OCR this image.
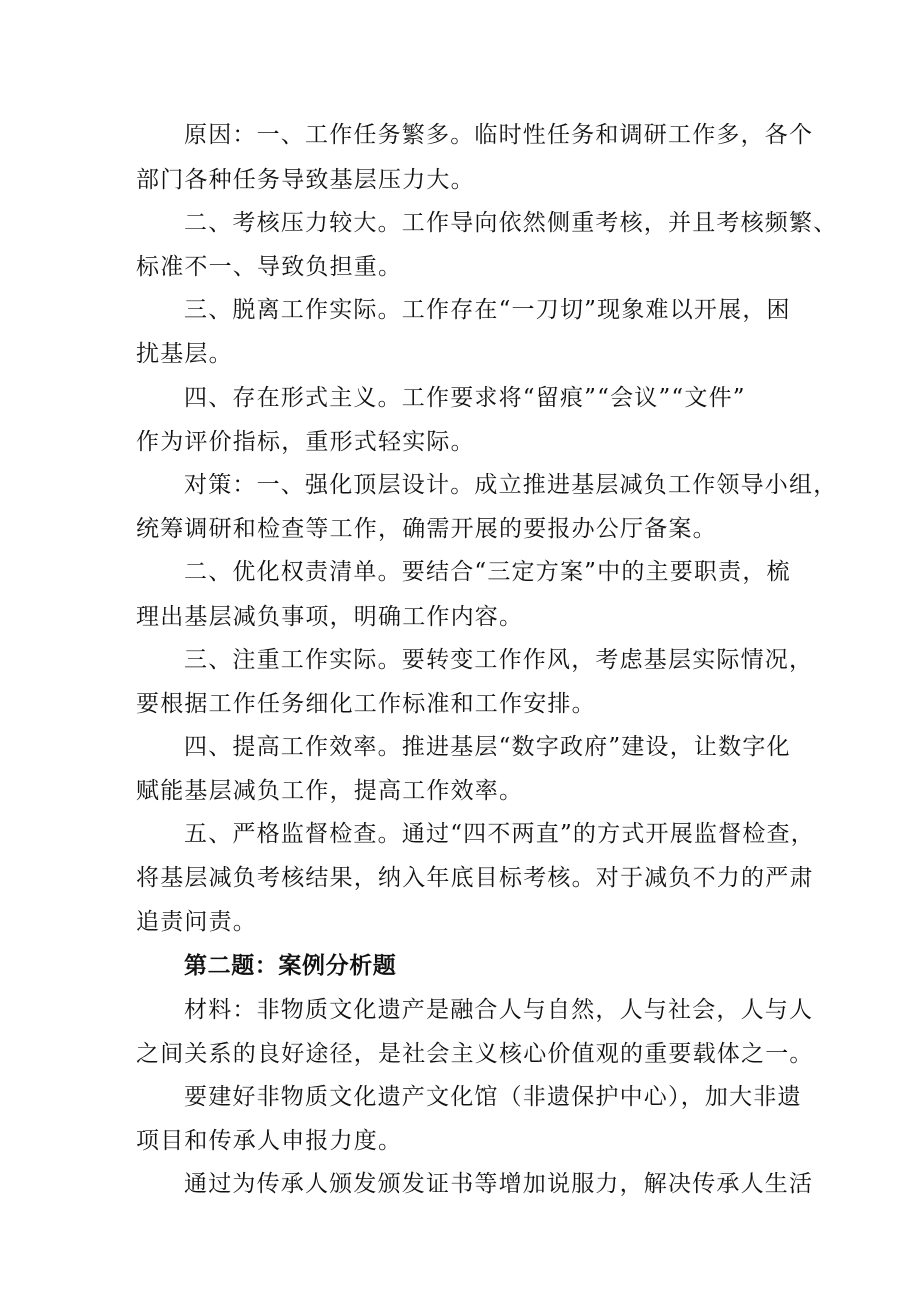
原因：一、工作任务繁多。临时性任务和调研工作多，各个
部门各种任务导致基层压力大。
二、考核压力较大。工作导向依然侧重考核，并且考核频繁、
标准不一、导致负担重。
三、脱离工作实际。工作存在“一刀切”现象难以开展，困
扰基层。
四、存在形式主义。工作要求将“留痕”“会议”“文件”
作为评价指标，重形式轻实际。
对策：一、强化顶层设计。成立推进基层减负工作领导小组，
统筹调研和检查等工作，确需开展的要报办公厅备案。
二、优化权责清单。要结合“三定方案”中的主要职责，梳
理出基层减负事项，明确工作内容。
三、注重工作实际。要转变工作作风，考虑基层实际情况，
要根据工作任务细化工作标准和工作安排。
四、提高工作效率。推进基层“数字政府”建设，让数字化
赋能基层减负工作，提高工作效率。
五、严格监督检查。通过“四不两直”的方式开展监督检查，
将基层减负考核结果，纳入年底目标考核。对于减负不力的严肃
追责问责。
第二题：案例分析题
材料：非物质文化遗产是融合人与自然，人与社会，人与人
之间关系的良好途径，是社会主义核心价值观的重要载体之一。
要建好非物质文化遗产文化馆（非遗保护中心），加大非遗
项目和传承人申报力度。
通过为传承人颁发颁发证书等增加说服力，解决传承人生活
